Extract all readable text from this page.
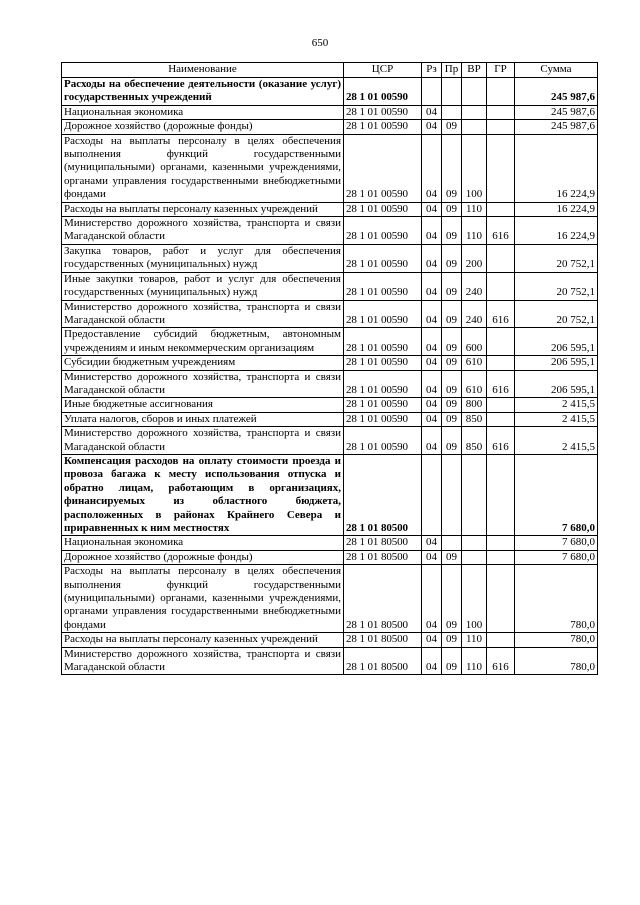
650
Наименование	ЦСР	Рз	Пр	ВР	ГР	Сумма
Расходы на обеспечение деятельности (оказание услуг) государственных учреждений	28 1 01 00590					245 987,6
Национальная экономика	28 1 01 00590	04				245 987,6
Дорожное хозяйство (дорожные фонды)	28 1 01 00590	04	09			245 987,6
Расходы на выплаты персоналу в целях обеспечения выполнения функций государственными (муниципальными) органами, казенными учреждениями, органами управления государственными внебюджетными фондами	28 1 01 00590	04	09	100		16 224,9
Расходы на выплаты персоналу казенных учреждений	28 1 01 00590	04	09	110		16 224,9
Министерство дорожного хозяйства, транспорта и связи Магаданской области	28 1 01 00590	04	09	110	616	16 224,9
Закупка товаров, работ и услуг для обеспечения государственных (муниципальных) нужд	28 1 01 00590	04	09	200		20 752,1
Иные закупки товаров, работ и услуг для обеспечения государственных (муниципальных) нужд	28 1 01 00590	04	09	240		20 752,1
Министерство дорожного хозяйства, транспорта и связи Магаданской области	28 1 01 00590	04	09	240	616	20 752,1
Предоставление субсидий бюджетным, автономным учреждениям и иным некоммерческим организациям	28 1 01 00590	04	09	600		206 595,1
Субсидии бюджетным учреждениям	28 1 01 00590	04	09	610		206 595,1
Министерство дорожного хозяйства, транспорта и связи Магаданской области	28 1 01 00590	04	09	610	616	206 595,1
Иные бюджетные ассигнования	28 1 01 00590	04	09	800		2 415,5
Уплата налогов, сборов и иных платежей	28 1 01 00590	04	09	850		2 415,5
Министерство дорожного хозяйства, транспорта и связи Магаданской области	28 1 01 00590	04	09	850	616	2 415,5
Компенсация расходов на оплату стоимости проезда и провоза багажа к месту использования отпуска и обратно лицам, работающим в организациях, финансируемых из областного бюджета, расположенных в районах Крайнего Севера и приравненных к ним местностях	28 1 01 80500					7 680,0
Национальная экономика	28 1 01 80500	04				7 680,0
Дорожное хозяйство (дорожные фонды)	28 1 01 80500	04	09			7 680,0
Расходы на выплаты персоналу в целях обеспечения выполнения функций государственными (муниципальными) органами, казенными учреждениями, органами управления государственными внебюджетными фондами	28 1 01 80500	04	09	100		780,0
Расходы на выплаты персоналу казенных учреждений	28 1 01 80500	04	09	110		780,0
Министерство дорожного хозяйства, транспорта и связи Магаданской области	28 1 01 80500	04	09	110	616	780,0
